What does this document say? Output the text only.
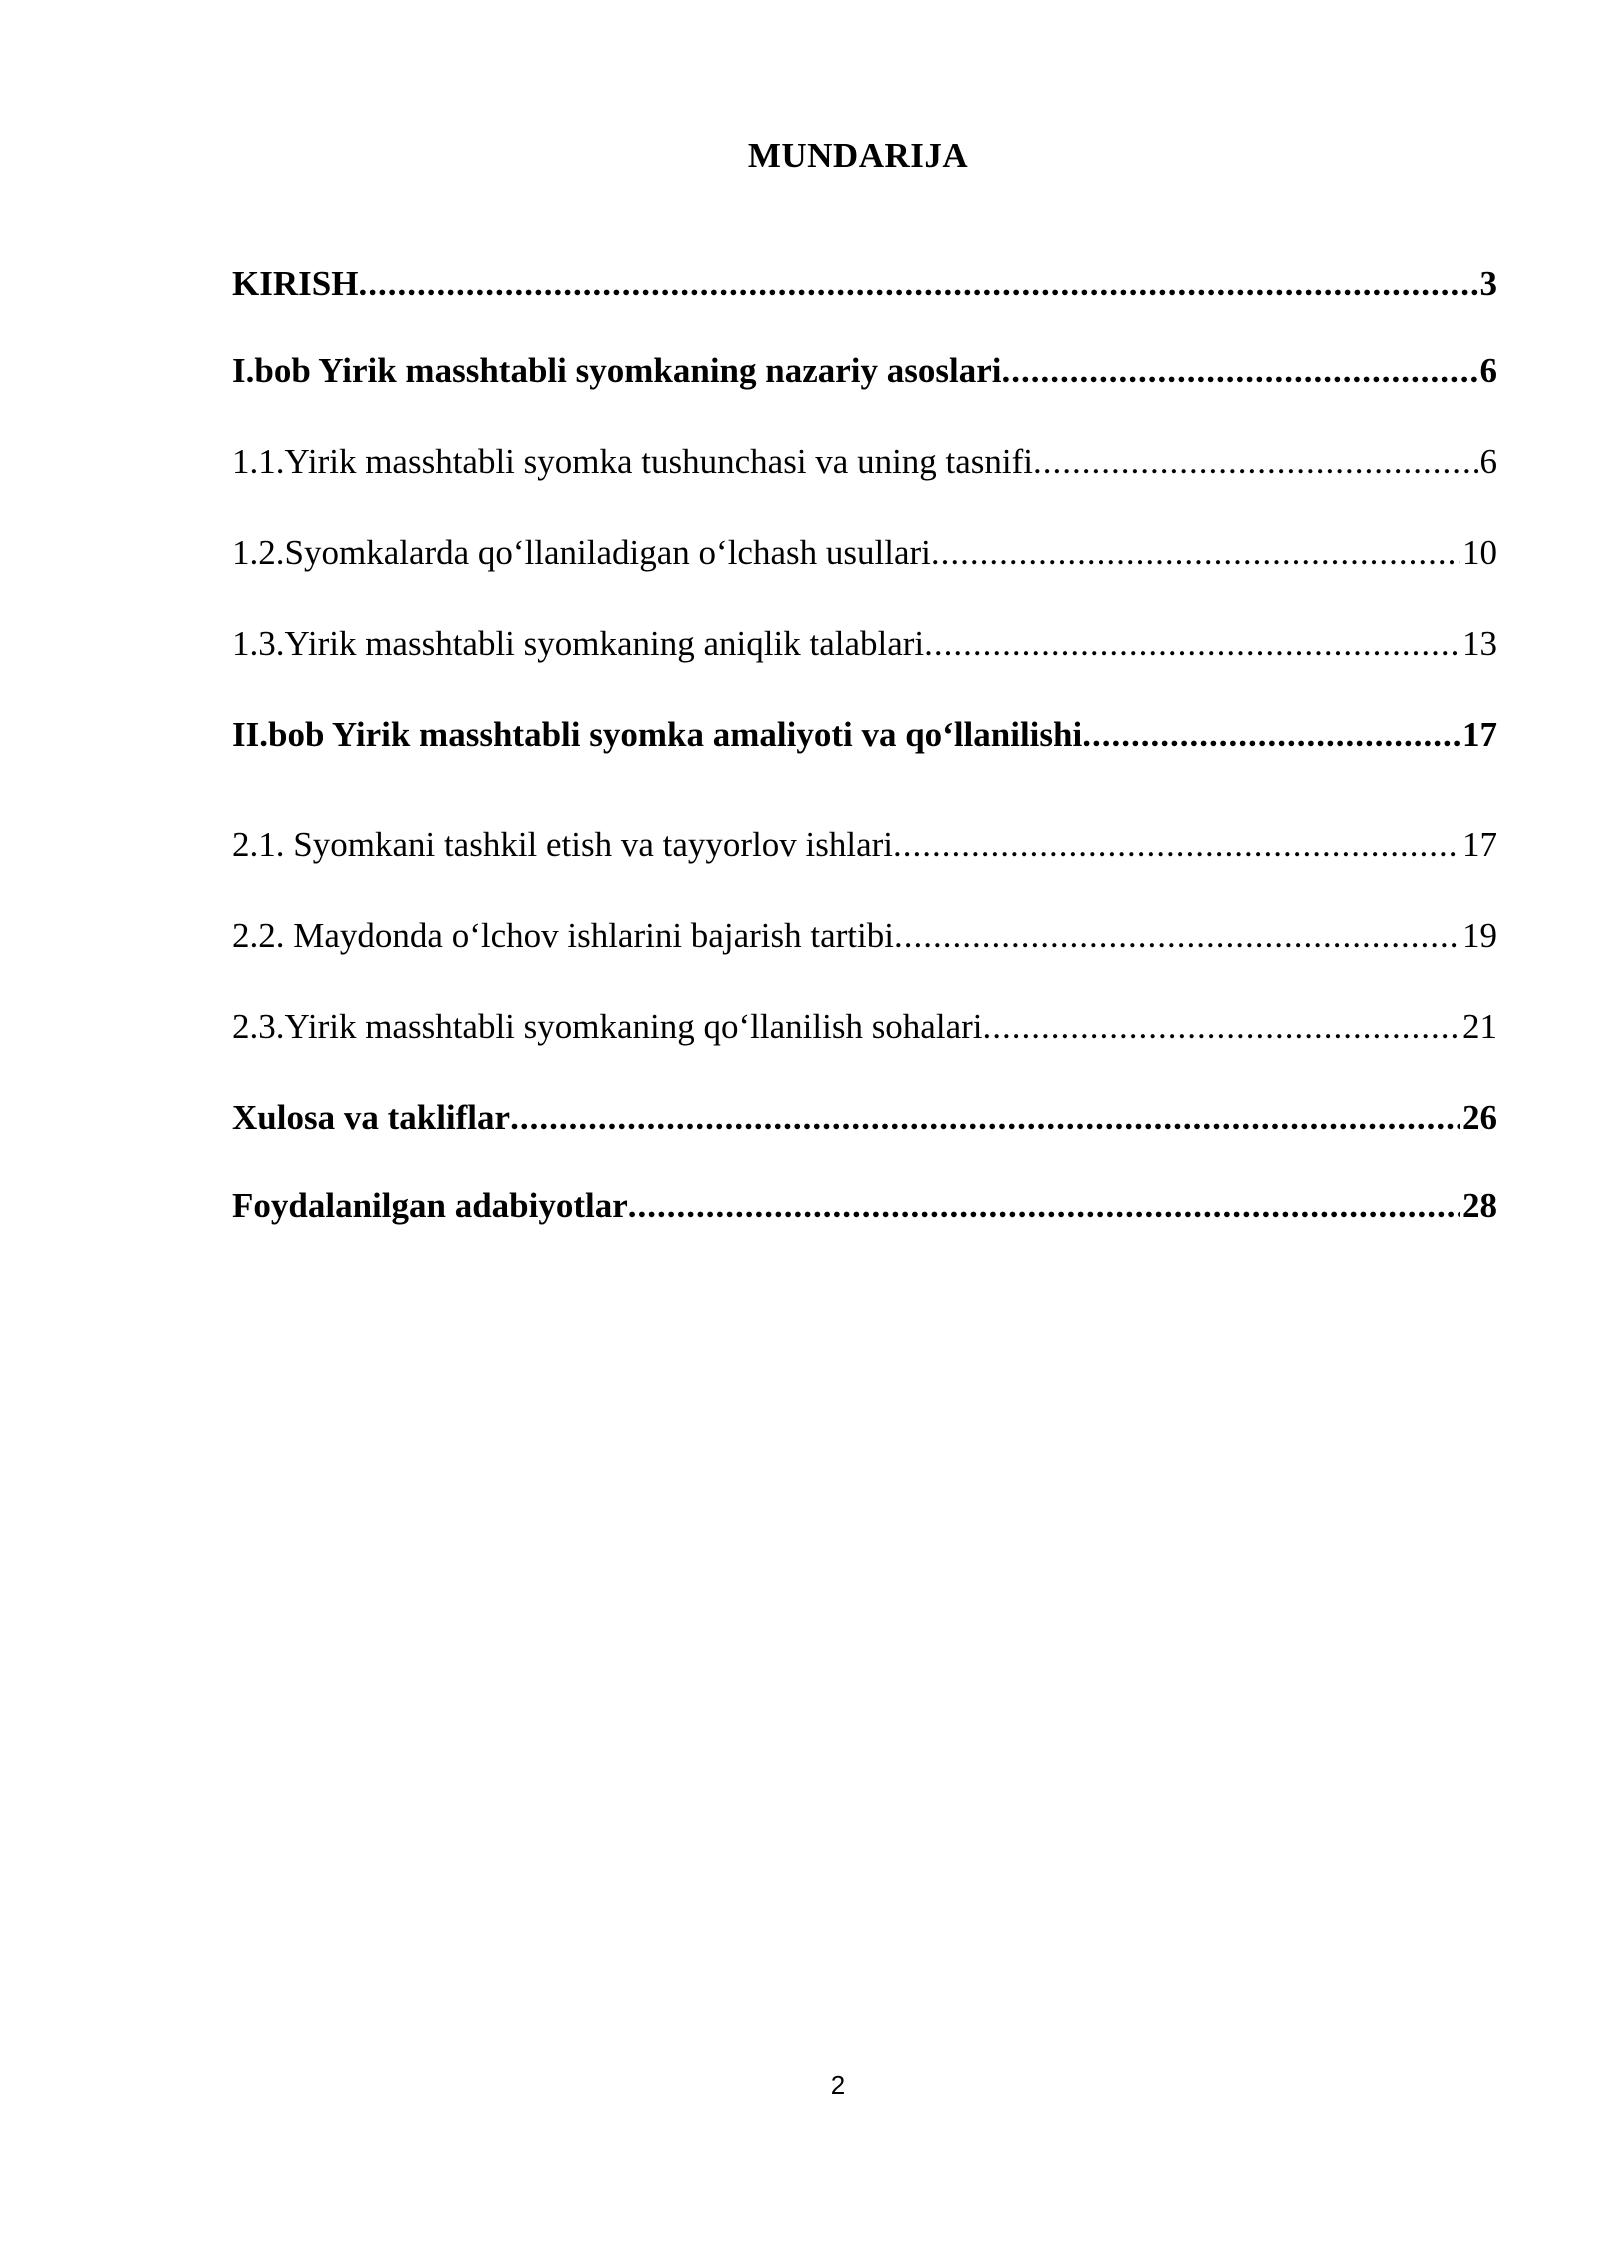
MUNDARIJA
KIRISH .....	3
I.bob Yirik masshtabli syomkaning nazariy asoslari .....	6
1.1.Yirik masshtabli syomka tushunchasi va uning tasnifi .....	6
1.2.Syomkalarda qo‘llaniladigan o‘lchash usullari .....	10
1.3.Yirik masshtabli syomkaning aniqlik talablari .....	13
II.bob Yirik masshtabli syomka amaliyoti va qo‘llanilishi .....	17
2.1. Syomkani tashkil etish va tayyorlov ishlari .....	17
2.2. Maydonda o‘lchov ishlarini bajarish tartibi .....	19
2.3.Yirik masshtabli syomkaning qo‘llanilish sohalari .....	21
Xulosa va takliflar .....	26
Foydalanilgan adabiyotlar .....	28
2
